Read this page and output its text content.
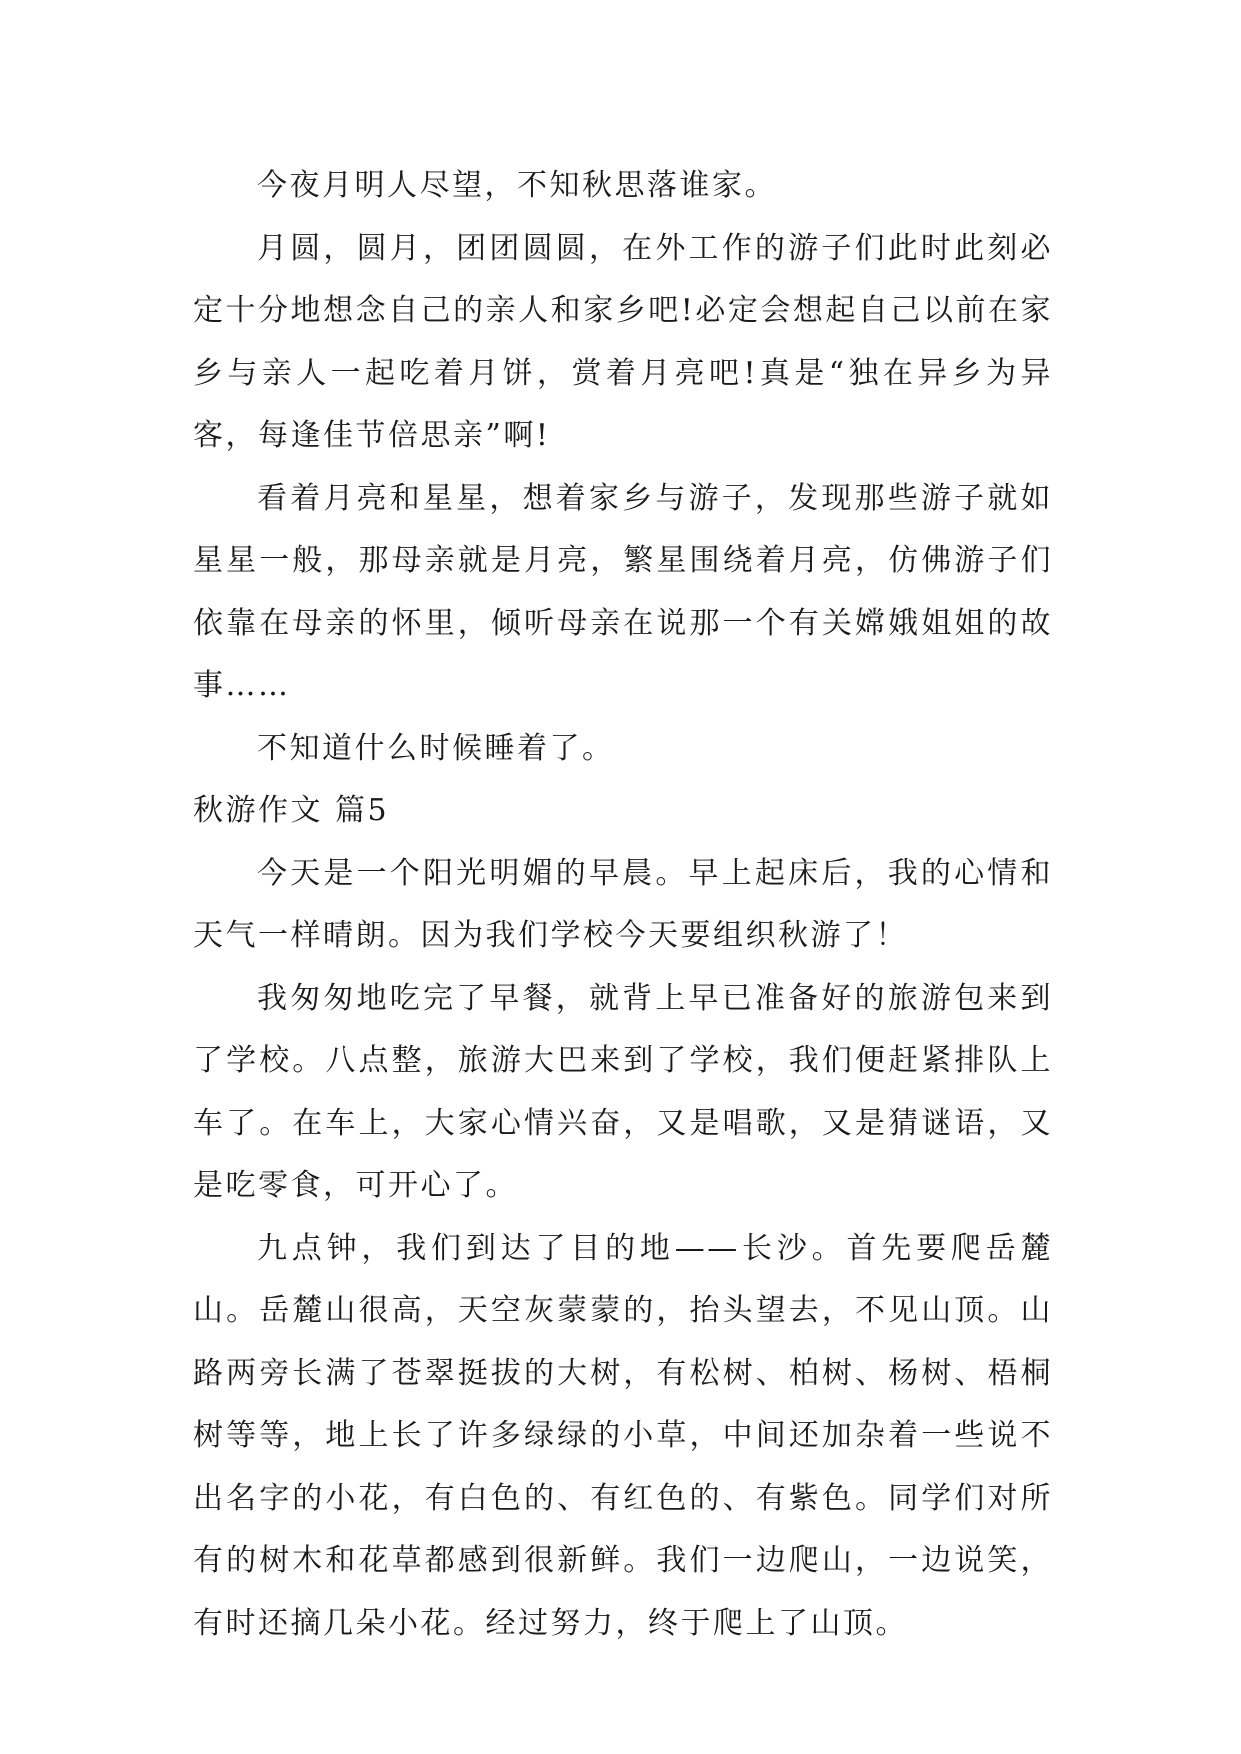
今夜月明人尽望，不知秋思落谁家。

月圆，圆月，团团圆圆，在外工作的游子们此时此刻必定十分地想念自己的亲人和家乡吧!必定会想起自己以前在家乡与亲人一起吃着月饼，赏着月亮吧!真是“独在异乡为异客，每逢佳节倍思亲”啊!

看着月亮和星星，想着家乡与游子，发现那些游子就如星星一般，那母亲就是月亮，繁星围绕着月亮，仿佛游子们依靠在母亲的怀里，倾听母亲在说那一个有关嫦娥姐姐的故事……

不知道什么时候睡着了。

秋游作文 篇5

今天是一个阳光明媚的早晨。早上起床后，我的心情和天气一样晴朗。因为我们学校今天要组织秋游了！

我匆匆地吃完了早餐，就背上早已准备好的旅游包来到了学校。八点整，旅游大巴来到了学校，我们便赶紧排队上车了。在车上，大家心情兴奋，又是唱歌，又是猜谜语，又是吃零食，可开心了。

九点钟，我们到达了目的地——长沙。首先要爬岳麓山。岳麓山很高，天空灰蒙蒙的，抬头望去，不见山顶。山路两旁长满了苍翠挺拔的大树，有松树、柏树、杨树、梧桐树等等，地上长了许多绿绿的小草，中间还加杂着一些说不出名字的小花，有白色的、有红色的、有紫色。同学们对所有的树木和花草都感到很新鲜。我们一边爬山，一边说笑，有时还摘几朵小花。经过努力，终于爬上了山顶。
